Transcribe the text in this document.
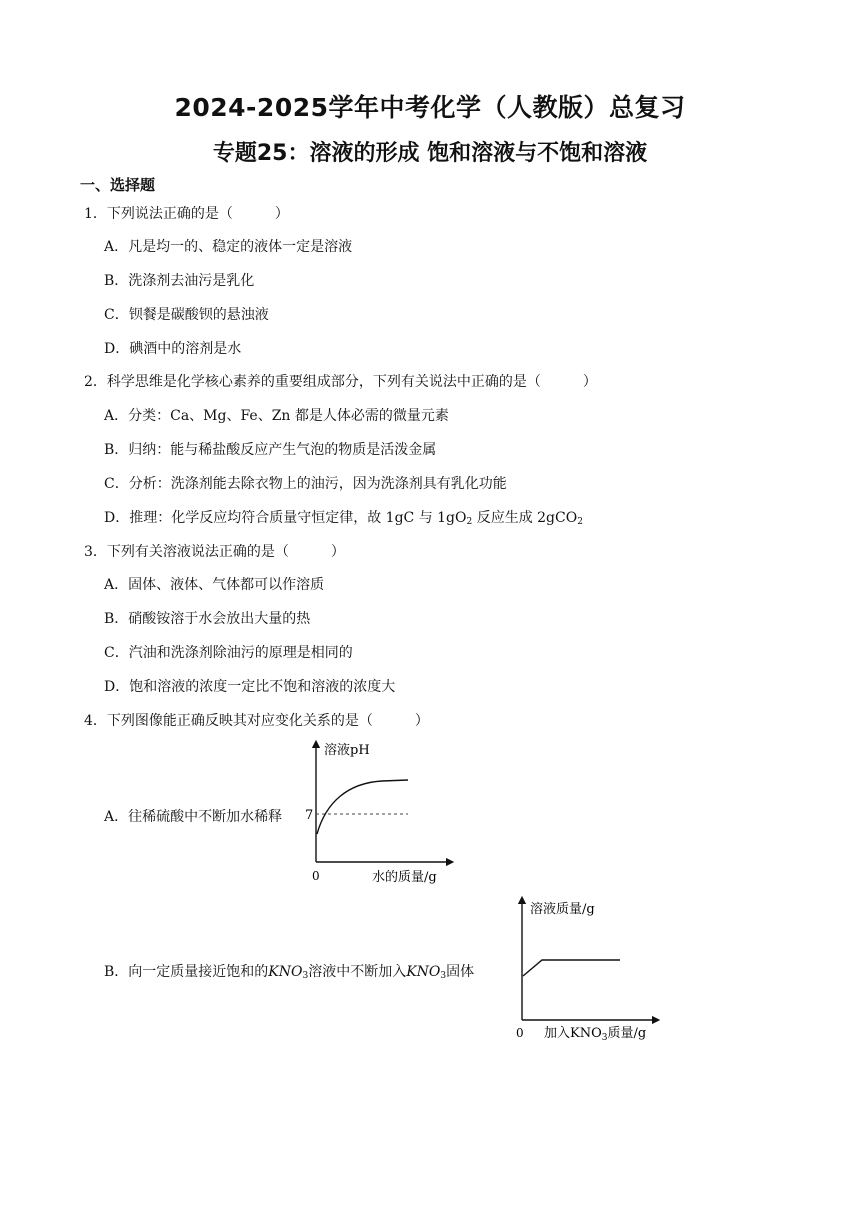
2024-2025学年中考化学（人教版）总复习
专题25：溶液的形成 饱和溶液与不饱和溶液
一、选择题
1．下列说法正确的是（　　　）
A．凡是均一的、稳定的液体一定是溶液
B．洗涤剂去油污是乳化
C．钡餐是碳酸钡的悬浊液
D．碘酒中的溶剂是水
2．科学思维是化学核心素养的重要组成部分，下列有关说法中正确的是（　　　）
A．分类：Ca、Mg、Fe、Zn 都是人体必需的微量元素
B．归纳：能与稀盐酸反应产生气泡的物质是活泼金属
C．分析：洗涤剂能去除衣物上的油污，因为洗涤剂具有乳化功能
D．推理：化学反应均符合质量守恒定律，故 1gC 与 $1gO_2$ 反应生成 2gCO$_2$
3．下列有关溶液说法正确的是（　　　）
A．固体、液体、气体都可以作溶质
B．硝酸铵溶于水会放出大量的热
C．汽油和洗涤剂除油污的原理是相同的
D．饱和溶液的浓度一定比不饱和溶液的浓度大
4．下列图像能正确反映其对应变化关系的是（　　　）
A．往稀硫酸中不断加水稀释
溶液pH
7
0	水的质量/g
溶液质量/g
0 加入$KNO_3$质量/g
B．向一定质量接近饱和的$KNO_3$溶液中不断加入$KNO_3$固体
